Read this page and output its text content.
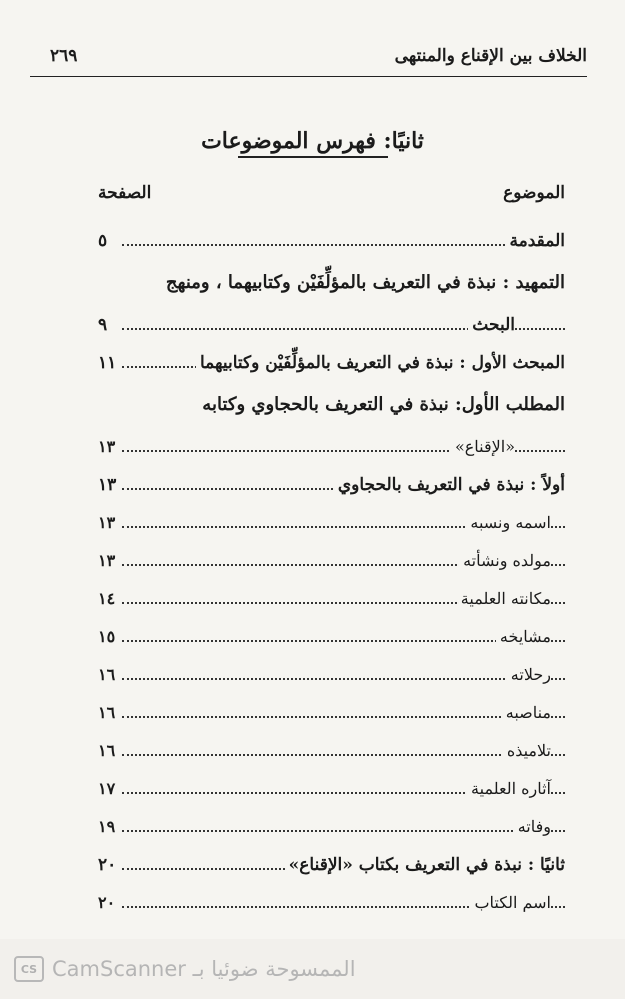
الخلاف بين الإقناع والمنتهى
٢٦٩
ثانيًا: فهرس الموضوعات
الموضوع
الصفحة
المقدمة
٥
التمهيد : نبذة في التعريف بالمؤلِّفَيْن وكتابيهما ، ومنهج
البحث
٩
المبحث الأول : نبذة في التعريف بالمؤلِّفَيْن وكتابيهما
١١
المطلب الأول: نبذة في التعريف بالحجاوي وكتابه
«الإقناع»
١٣
أولاً : نبذة في التعريف بالحجاوي
١٣
اسمه ونسبه
١٣
مولده ونشأته
١٣
مكانته العلمية
١٤
مشايخه
١٥
رحلاته
١٦
مناصبه
١٦
تلاميذه
١٦
آثاره العلمية
١٧
وفاته
١٩
ثانيًا : نبذة في التعريف بكتاب «الإقناع»
٢٠
اسم الكتاب
٢٠
CS CamScanner الممسوحة ضوئيا بـ
